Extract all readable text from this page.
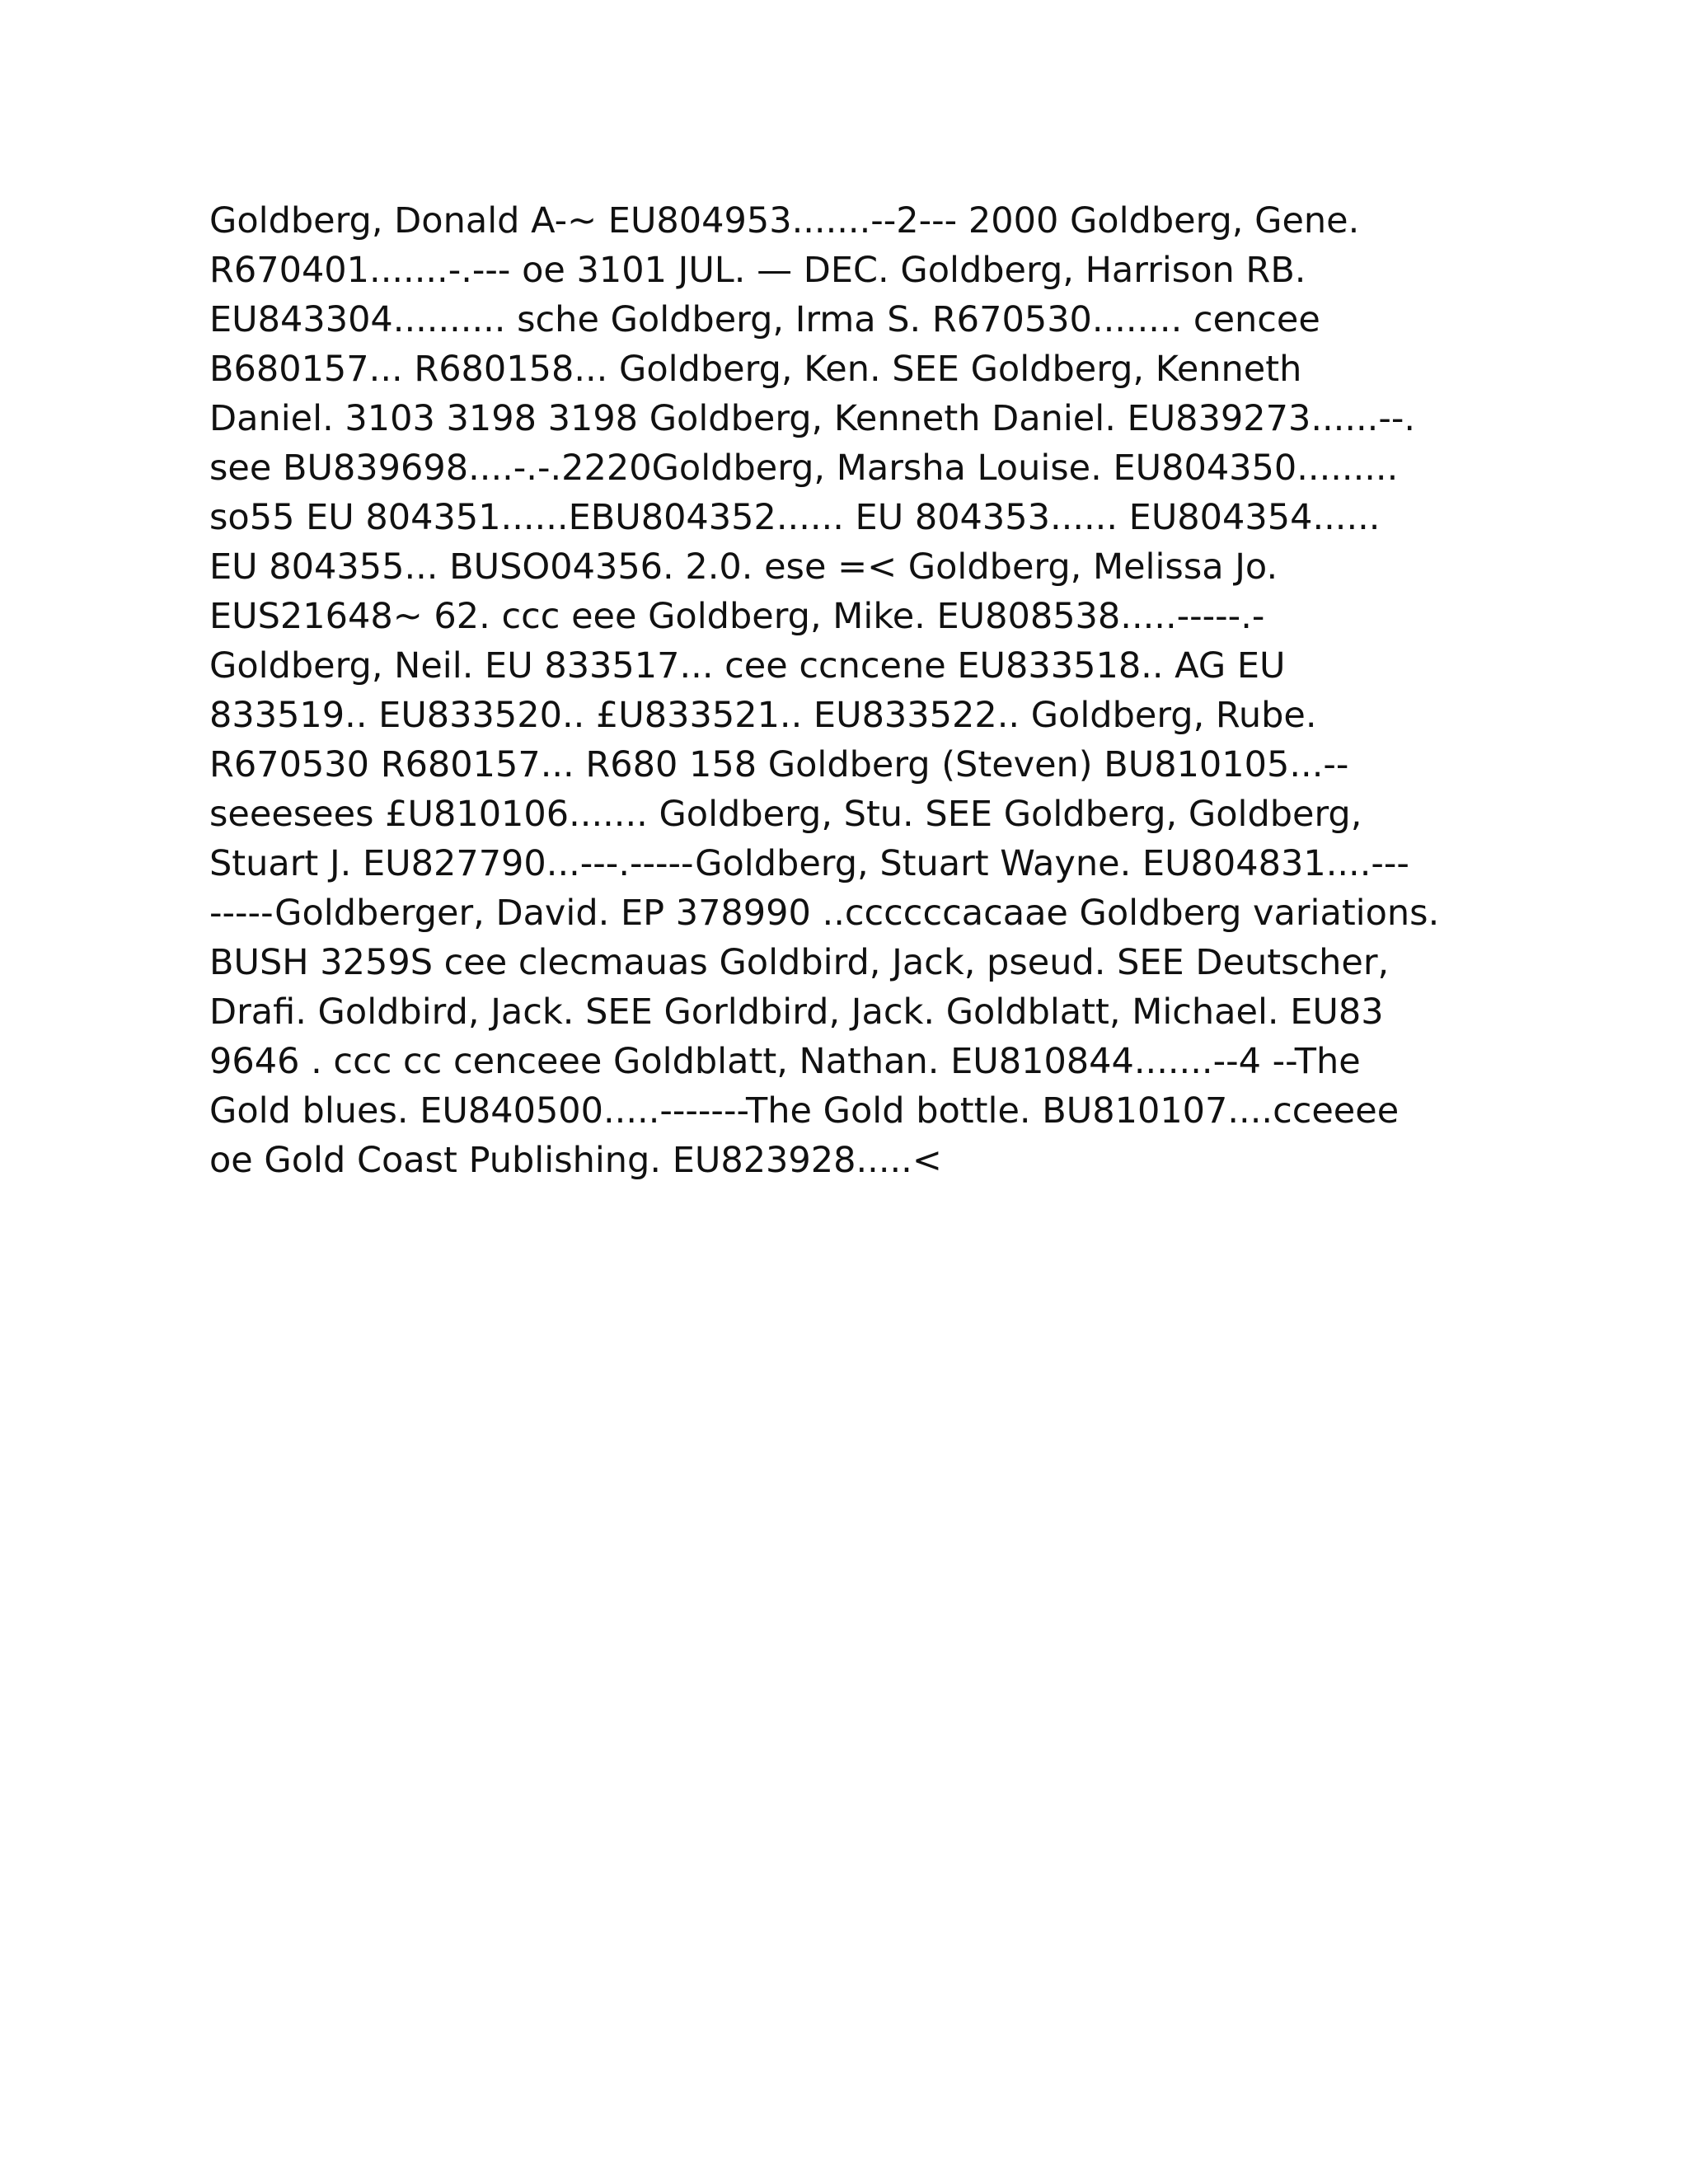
Goldberg, Donald A-~ EU804953.......--2--- 2000 Goldberg, Gene.
R670401.......-.--- oe 3101 JUL. — DEC. Goldberg, Harrison RB.
EU843304.......... sche Goldberg, Irma S. R670530........ cencee
B680157... R680158... Goldberg, Ken. SEE Goldberg, Kenneth
Daniel. 3103 3198 3198 Goldberg, Kenneth Daniel. EU839273......--.
see BU839698....-.-.2220Goldberg, Marsha Louise. EU804350.........
so55 EU 804351......EBU804352...... EU 804353...... EU804354......
EU 804355... BUSO04356. 2.0. ese =< Goldberg, Melissa Jo.
EUS21648~ 62. ccc eee Goldberg, Mike. EU808538.....-----.-
Goldberg, Neil. EU 833517... cee ccncene EU833518.. AG EU
833519.. EU833520.. £U833521.. EU833522.. Goldberg, Rube.
R670530 R680157... R680 158 Goldberg (Steven) BU810105...--
seeesees £U810106....... Goldberg, Stu. SEE Goldberg, Goldberg,
Stuart J. EU827790...---.-----Goldberg, Stuart Wayne. EU804831....---
-----Goldberger, David. EP 378990 ..ccccccacaae Goldberg variations.
BUSH 3259S cee clecmauas Goldbird, Jack, pseud. SEE Deutscher,
Drafi. Goldbird, Jack. SEE Gorldbird, Jack. Goldblatt, Michael. EU83
9646 . ccc cc cenceee Goldblatt, Nathan. EU810844.......--4 --The
Gold blues. EU840500.....-------The Gold bottle. BU810107....cceeee
oe Gold Coast Publishing. EU823928.....<
